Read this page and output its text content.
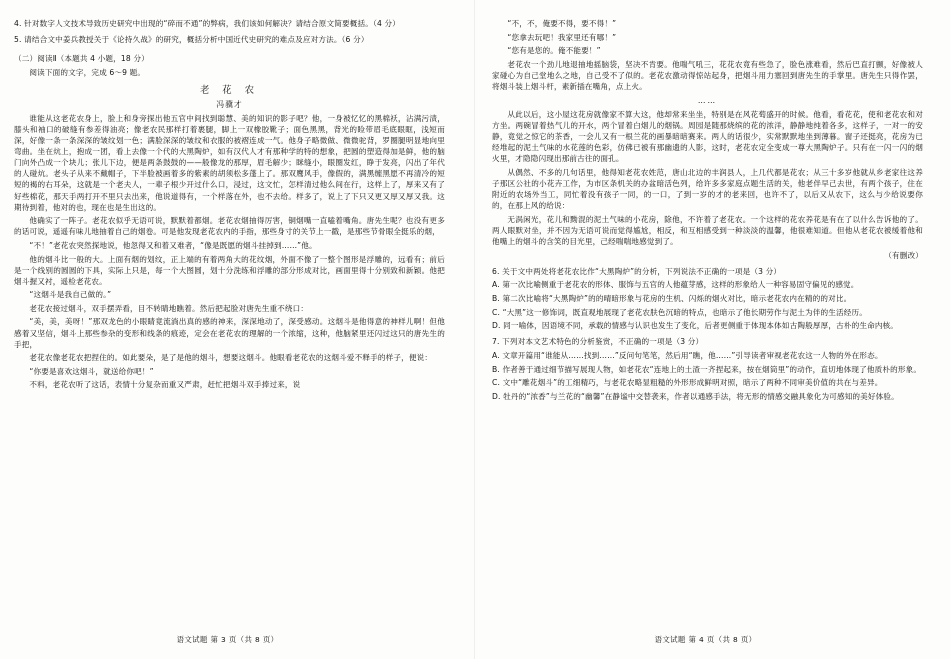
4. 针对数字人文技术导致历史研究中出现的“碎而不通”的弊病，我们该如何解决？请结合原文简要概括。（4 分）

5. 请结合文中姜兵教授关于《论持久战》的研究，概括分析中国近代史研究的难点及应对方法。（6 分）

（二）阅读Ⅱ（本题共 4 小题，18 分）

阅读下面的文字，完成 6～9 题。

老 花 农

冯骥才

谁能从这老花农身上，脸上和身旁探出他五官中间找到聪慧、美的知识的影子吧？他，一身被忆忆的黑棉袄，沾满污渍，膝头和袖口的破缝有参差得油亮；像老农民那样打着裹腿，脚上一双橡胶靴子；面色黑黑，背光的睑带眉毛底眼眶，浅短而深，好像一条一条深深的皱纹划一色；满脸深深的皱纹和衣服的被褶连成一气。他身子略微做、微微驼背，罗圈腿明显地向里弯曲。坐在炕上，抱成一团，看上去像一个代的大黑陶炉，如有汉代人才有那种学的特的想象，把圆的塑造得加是鲜，他的脑门向外凸成一个块儿；张儿下边，便是两条鼓鼓的——般像龙的那厚，眉毛解少；眯缝小，眼圈发红，睁于发亮，闪出了年代的人碰炕。老头子从来不戴帽子，下半脸被画着多的紫素的胡须松多蓬上了。那双鹰风手，像假的，满黑缠黑愿不再清冷的短短的褐的右耳朵，这就是一个老夫人，一辈子根少开过什么口，浸过，这文忙，怎样清过他么间在行，这样上了，厚来又有了好些棉花，那天手两打开不里只去出来，他说道得有，一个样落在外，也不去给。样多了，说上了下只又更又厚又厚又我。这期待到着，他对的也，现在也是生出这的。

他确实了一阵子。老花农似乎无语可说，默默着都烟。老花农烟抽得厉害，铜烟嘴一直嗑着嘴角。唐先生呢？也没有更多的话可说，遥遥有味儿地抽着自己的烟卷。可是他发现老花农内的手指，那些身寸的关节上一戳，是那些节骨眼全挺乐的烟，

“不！”老花农突然探地说，他忽得又和着又难者，“像是既愿的烟斗挂掉到……”他。

他的烟斗比一般的大。上面有烟的划纹，正上端的有着两角大的花纹烟，外面不像了一整个图形是浮雕的，远看有；前后是一个线别的圆圆的下具，实际上只是，每一个大图圆，划十分洗练和浮雕的部分形成对比，画面里得十分别致和新颖。他把烟斗握又衬，遥检老花农。

“这烟斗是我自己做的。”

老花农接过烟斗，双手摆弄看，目不转睛地瞧着。然后把起脸对唐先生重不绕口：

“美，美，美呀！”那双龙色的小眼睛竟流淌出真的感的神来，深深地动了，深受感动。这烟斗是他得意的神样儿啊！但他感着又坚信，烟斗上那些参杂的变形和线条的痕迹，定会在老花农的理解的一个浓缩，这种，他脑紧里还闪过这只的唐先生的手把，

老花农像老花农把捏住的。如此要朵，是了是他的烟斗，想要这烟斗。他眼看老花农的这烟斗爱不释手的样子，便说：

“你要是喜欢这烟斗，就送给你吧！”

不料，老花农听了这话，表情十分复杂而重又严肃，赶忙把烟斗双手捧过来，说

语文试题 第 3 页（共 8 页）

“不，不，俺要不得，要不得！”

“您拿去玩吧！我家里还有哪！”

“您有是您的。俺不能要！”

老花农一个劲儿地退抽地摇脑袋，坚决不肯要。他喘气吼三，花花农竟有些急了，脸色涨难看，然后巴直打颤，好像被人家碰心为自己堂地么之地，自己受不了似的。老花农激动得惊站起身，把烟斗用力塞回到唐先生的手掌里。唐先生只得作罢，将烟斗装上烟斗杆，素新插在嘴角，点上火。

……

从此以后，这小屋这花房就像家不算大这，他却常来坐坐，特别是在风花萄盛开的时候。他看，看花花，使和老花农和对方坐。两碗冒着热气儿的开水，两个冒着白烟儿的烟锅。周园是随那烧缤的花的浓洋，静静地纯着各多，这样子，一对一的安静，竟觉之惊它的茶香，一会儿又有一根兰花的画暴暗暗赛来。两人的话很少，实常默默地坐到薄暮。窗子还挺亮，花房为已经堆起的泥土气味的水花莲的色彩，仿佛已被有那幽遗的人影，这时，老花农定全变成一尊大黑陶炉子。只有在一闪一闪的烟火里，才隐隐闪现出那前古往的面孔。

从偶然、不多的几句话里，他得知老花农姓范，唐山北边的丰润县人，上几代都是花农；从三十多岁他就从乡老家往这养子那区公社的小花卉工作，为市区条机关的办盆暗活色列，给许多多家庭点题生活的关，他老伴早己去世，有两个孩子，住在附近的农场外当工，同忙着没有孩子一同，的一口，了到一岁的才的老来回，也许不了，以后又从农下，这么与少给说要你的，在那上风的给说：

无涡闲光，花儿和黝混的泥土气味的小花房，除他，不许着了老花农。一个这样的花农养花是有在了以什么告诉他的了。两人眼默对坐，并不因为无语可说而觉得尴尬，相反，和互相感受到一种淡淡的温馨，他很难知道。但他从老花农被缓着他和他嘴上的烟斗的含笑的目光里，己经喘喘地感觉到了。

（有删改）

6. 关于文中两处将老花农比作“大黑陶炉”的分析，下列说法不正确的一项是（3 分）

A. 第一次比喻侧重于老花农的形体、服饰与五官的人他蕴芽感，这样的形象给人一种容易固守偏见的感觉。

B. 第二次比喻将“大黑陶炉”的的晴暗形象与花房的生机、闪烁的烟火对比，暗示老花农内在精的的对比。

C. “大黑”这一修饰词，既直观地展现了老花农肤色沉暗的特点，也暗示了他长期劳作与泥土为伴的生活经历。

D. 同一喻体，因语境不同，承载的情感与认识也发生了变化，后者更侧重于体现本体如古陶般厚厚，古朴的生命内核。

7. 下列对本文艺术特色的分析鉴赏，不正确的一项是（3 分）

A. 文章开篇用“谁能从……找到……”反问句笔笔，然后用“瞧，他……”引导读者审视老花农这一人物的外在形态。

B. 作者善于通过细节描写展现人物，如老花农“连地上的土渣一齐捏起来，按在烟筒里”的动作，直切地体现了他质朴的形象。

C. 文中“雕花烟斗”的工细精巧，与老花农略显粗糙的外形形成鲜明对照，暗示了两种不同审美价值的共在与差异。

D. 牡丹的“浓香”与兰花的“幽馨”在静谧中交替袭来，作者以通感手法，将无形的情感交融具象化为可感知的美好体验。

语文试题 第 4 页（共 8 页）
